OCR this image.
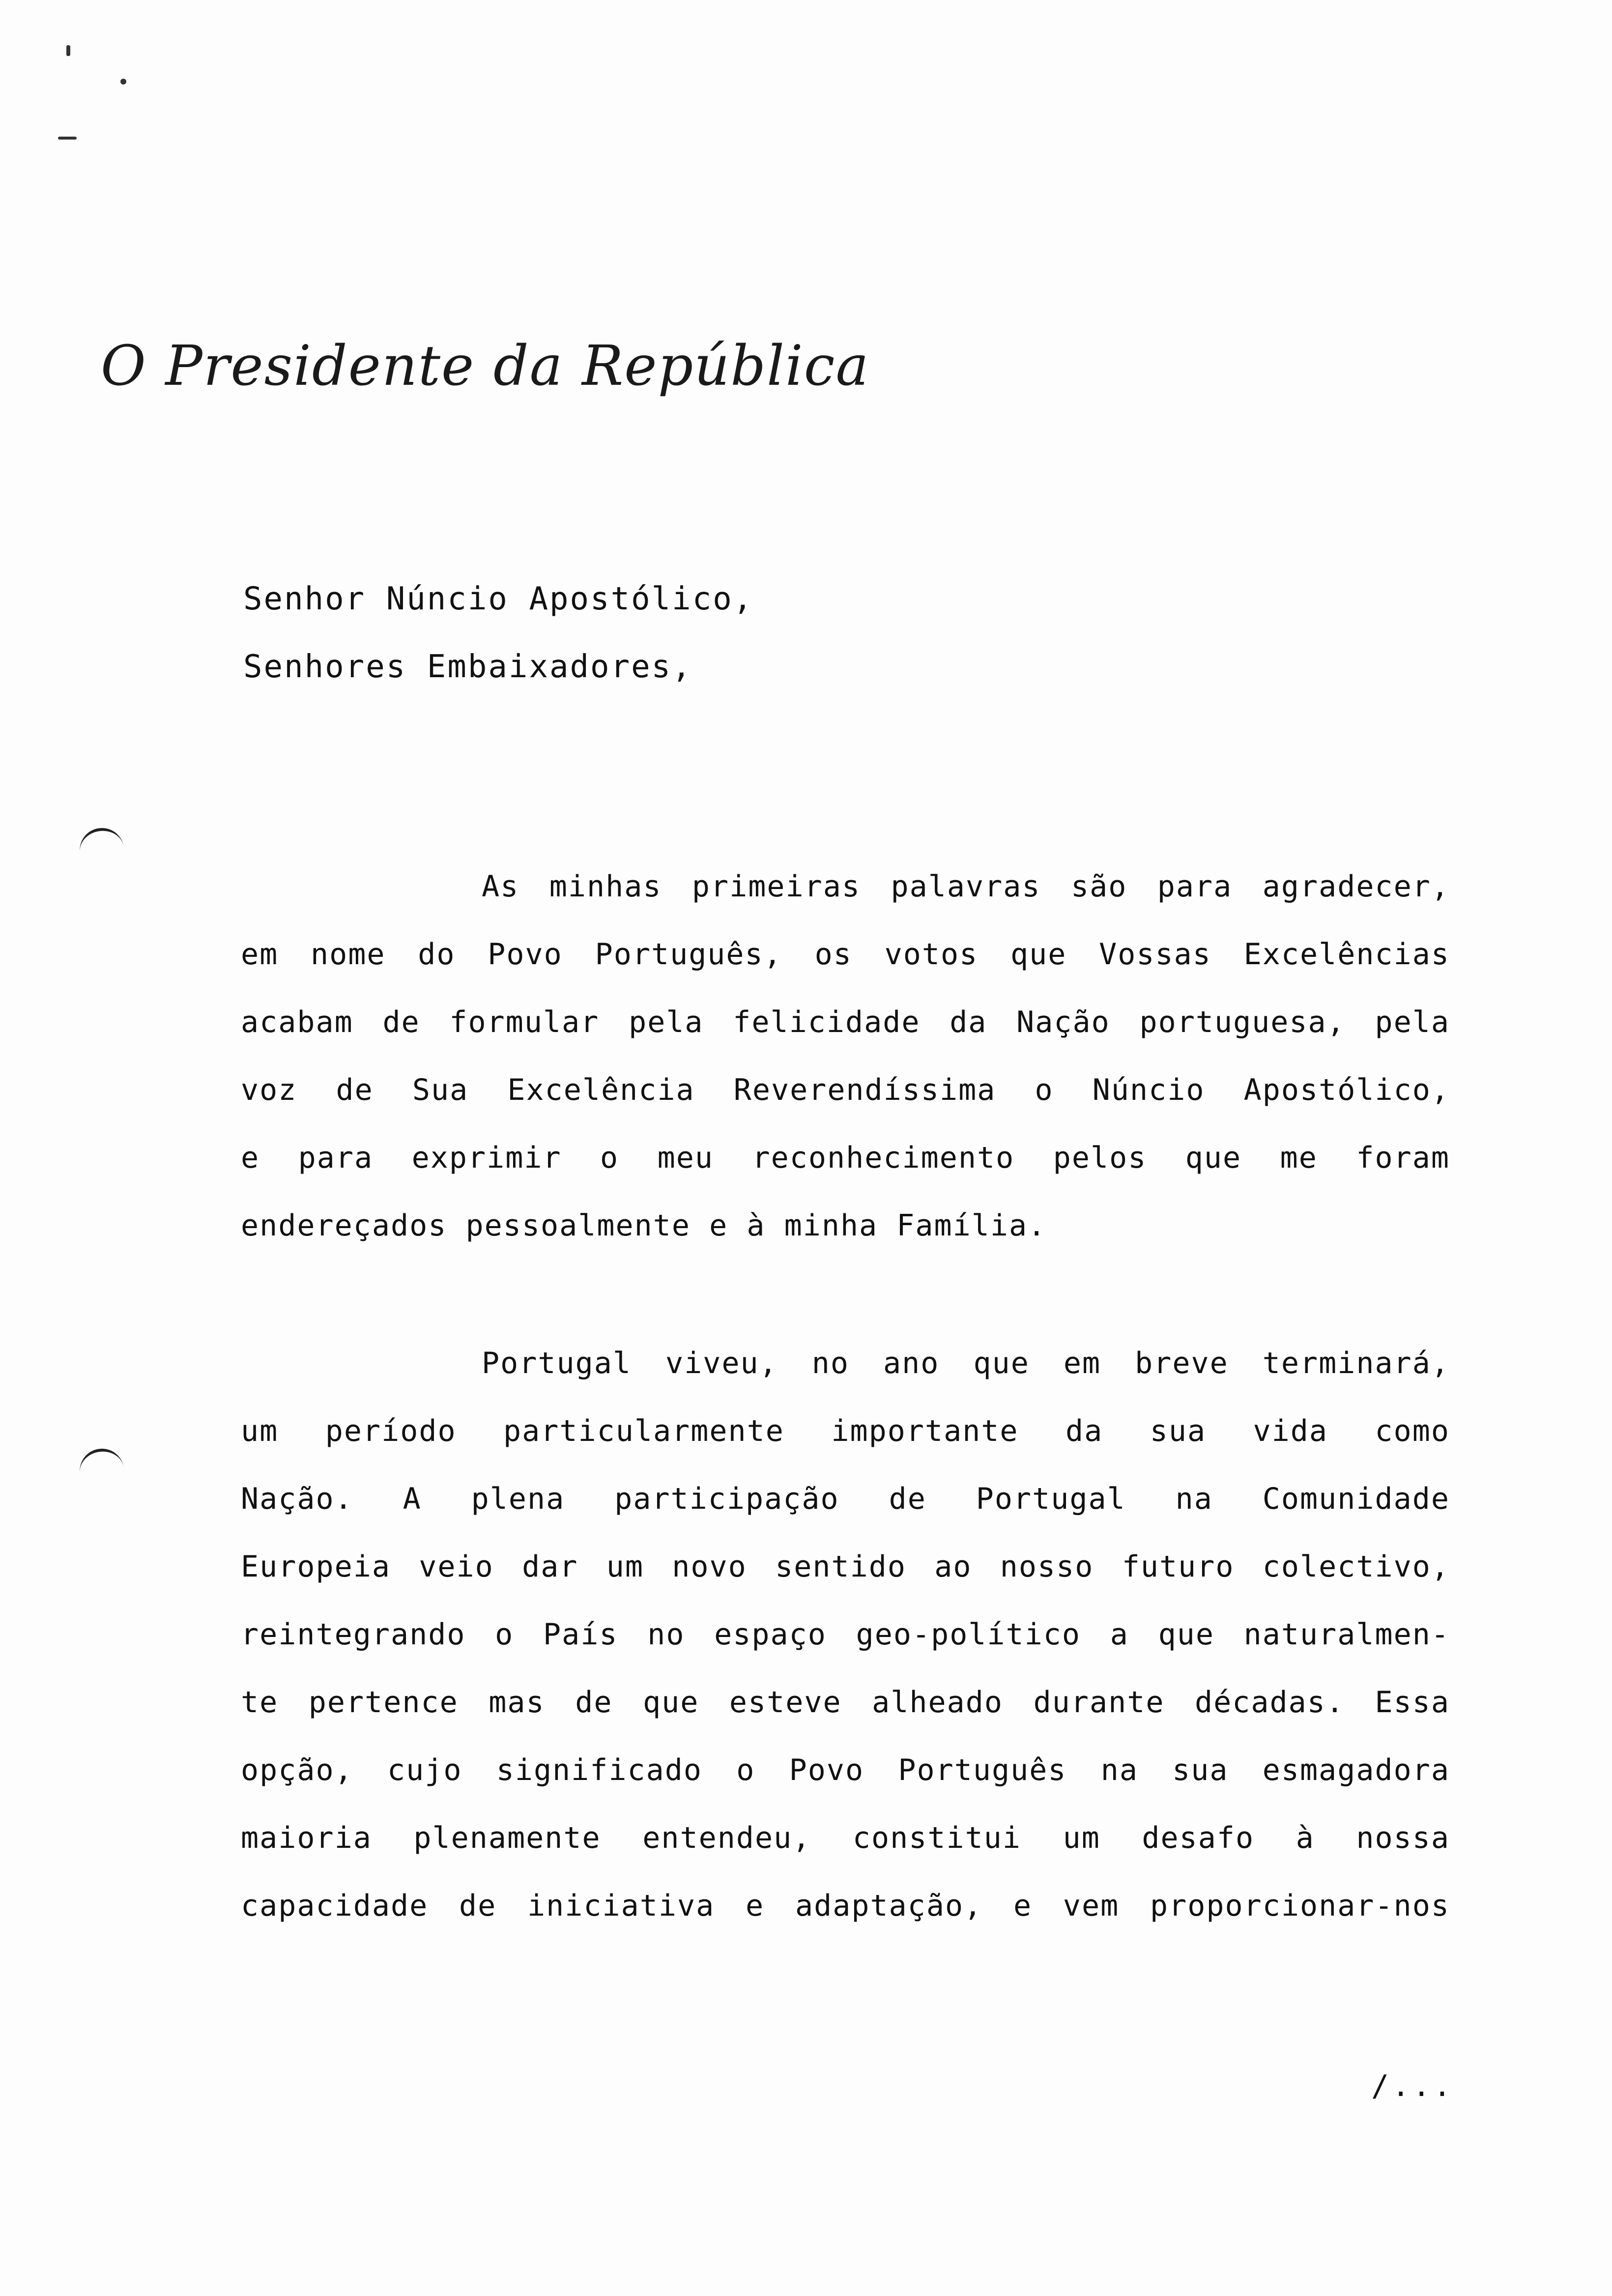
O Presidente da República
Senhor Núncio Apostólico,
Senhores Embaixadores,
As minhas primeiras palavras são para agradecer,
em nome do Povo Português, os votos que Vossas Excelências
acabam de formular pela felicidade da Nação portuguesa, pela
voz de Sua Excelência Reverendíssima o Núncio Apostólico,
e para exprimir o meu reconhecimento pelos que me foram
endereçados pessoalmente e à minha Família.
Portugal viveu, no ano que em breve terminará,
um período particularmente importante da sua vida como
Nação. A plena participação de Portugal na Comunidade
Europeia veio dar um novo sentido ao nosso futuro colectivo,
reintegrando o País no espaço geo-político a que naturalmen-
te pertence mas de que esteve alheado durante décadas. Essa
opção, cujo significado o Povo Português na sua esmagadora
maioria plenamente entendeu, constitui um desafo à nossa
capacidade de iniciativa e adaptação, e vem proporcionar-nos
/...
